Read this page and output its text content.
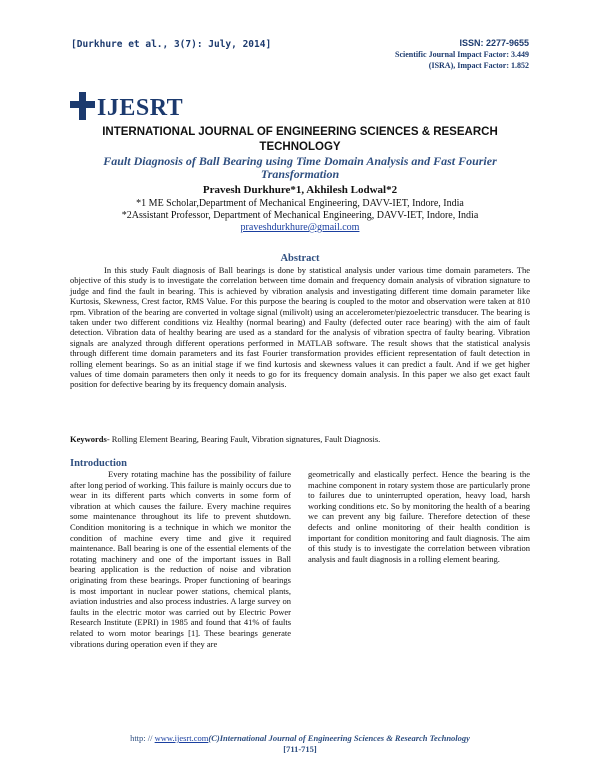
[Durkhure et al., 3(7): July, 2014]	ISSN: 2277-9655
Scientific Journal Impact Factor: 3.449
(ISRA), Impact Factor: 1.852
IJESRT
INTERNATIONAL JOURNAL OF ENGINEERING SCIENCES & RESEARCH TECHNOLOGY
Fault Diagnosis of Ball Bearing using Time Domain Analysis and Fast Fourier Transformation
Pravesh Durkhure*1, Akhilesh Lodwal*2
*1 ME Scholar,Department of Mechanical Engineering, DAVV-IET, Indore, India
*2Assistant Professor, Department of Mechanical Engineering, DAVV-IET, Indore, India
praveshdurkhure@gmail.com
Abstract
In this study Fault diagnosis of Ball bearings is done by statistical analysis under various time domain parameters. The objective of this study is to investigate the correlation between time domain and frequency domain analysis of vibration signature to judge and find the fault in bearing. This is achieved by vibration analysis and investigating different time domain parameter like Kurtosis, Skewness, Crest factor, RMS Value. For this purpose the bearing is coupled to the motor and observation were taken at 810 rpm. Vibration of the bearing are converted in voltage signal (milivolt) using an accelerometer/piezoelectric transducer. The bearing is taken under two different conditions viz Healthy (normal bearing) and Faulty (defected outer race bearing) with the aim of fault detection. Vibration data of healthy bearing are used as a standard for the analysis of vibration spectra of faulty bearing. Vibration signals are analyzed through different operations performed in MATLAB software. The result shows that the statistical analysis through different time domain parameters and its fast Fourier transformation provides efficient representation of fault detection in rolling element bearings. So as an initial stage if we find kurtosis and skewness values it can predict a fault. And if we get higher values of time domain parameters then only it needs to go for its frequency domain analysis. In this paper we also get exact fault position for defective bearing by its frequency domain analysis.
Keywords- Rolling Element Bearing, Bearing Fault, Vibration signatures, Fault Diagnosis.
Introduction
Every rotating machine has the possibility of failure after long period of working. This failure is mainly occurs due to wear in its different parts which converts in some form of vibration at which causes the failure. Every machine requires some maintenance throughout its life to prevent shutdown. Condition monitoring is a technique in which we monitor the condition of machine every time and give it required maintenance. Ball bearing is one of the essential elements of the rotating machinery and one of the important issues in Ball bearing application is the reduction of noise and vibration originating from these bearings. Proper functioning of bearings is most important in nuclear power stations, chemical plants, aviation industries and also process industries. A large survey on faults in the electric motor was carried out by Electric Power Research Institute (EPRI) in 1985 and found that 41% of faults related to worn motor bearings [1]. These bearings generate vibrations during operation even if they are
geometrically and elastically perfect. Hence the bearing is the machine component in rotary system those are particularly prone to failures due to uninterrupted operation, heavy load, harsh working conditions etc. So by monitoring the health of a bearing we can prevent any big failure. Therefore detection of these defects and online monitoring of their health condition is important for condition monitoring and fault diagnosis. The aim of this study is to investigate the correlation between vibration analysis and fault diagnosis in a rolling element bearing.
http: // www.ijesrt.com(C)International Journal of Engineering Sciences & Research Technology
[711-715]
